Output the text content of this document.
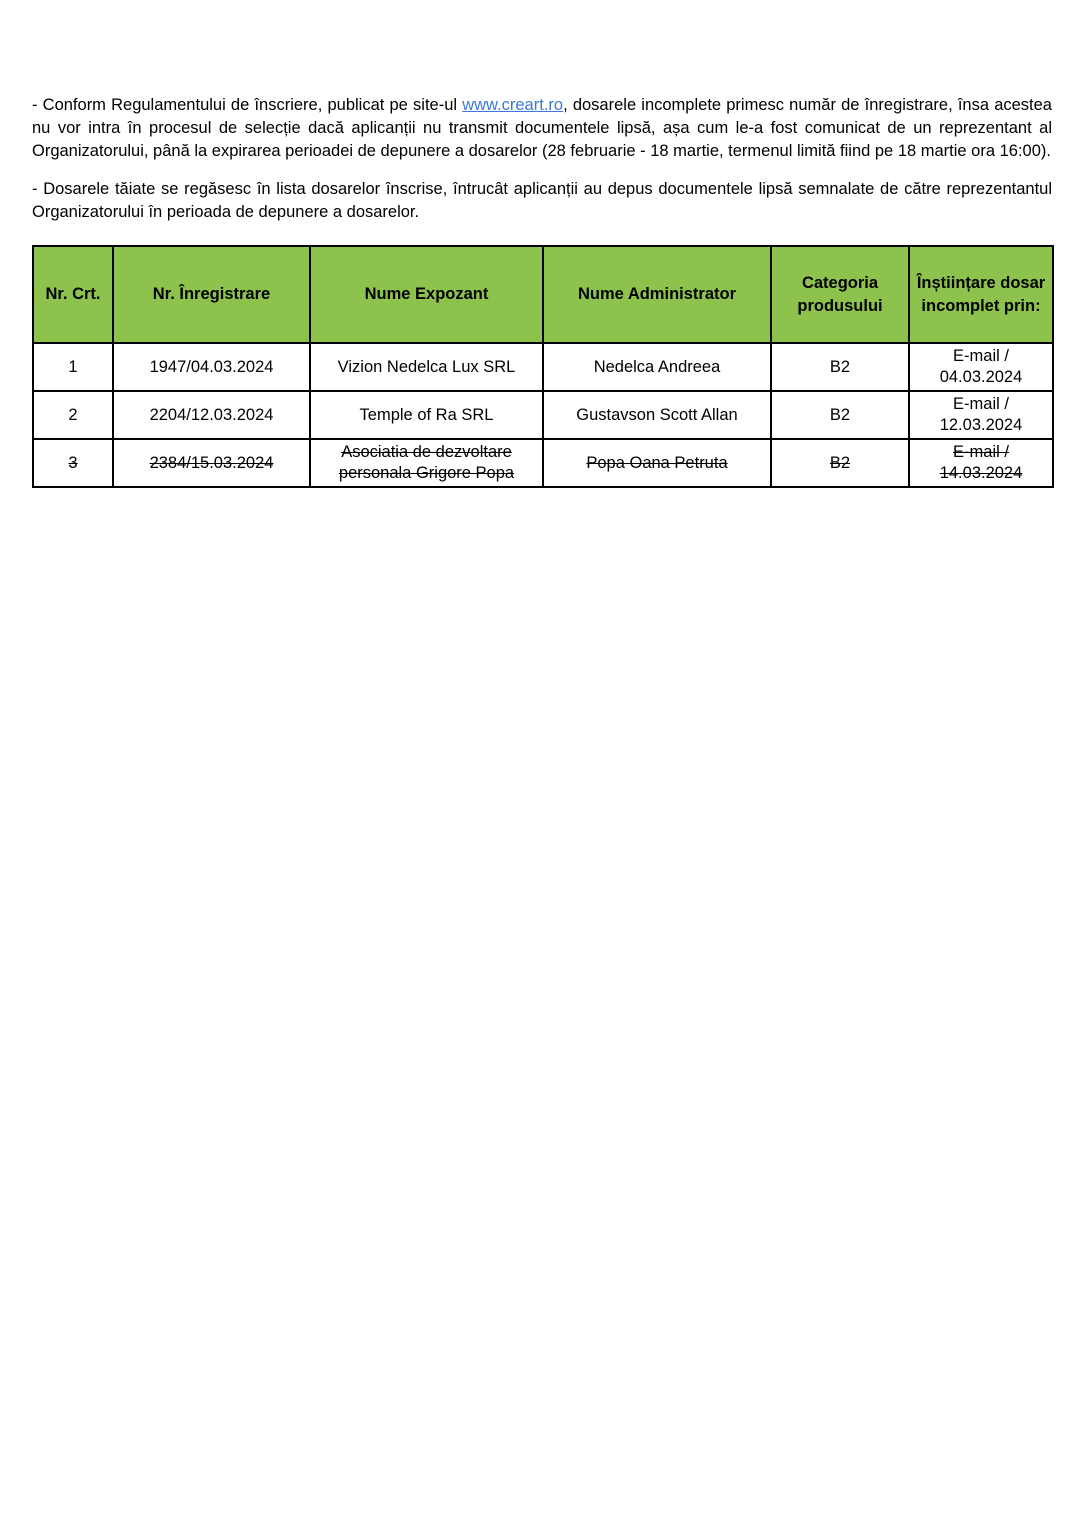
- Conform Regulamentului de înscriere, publicat pe site-ul www.creart.ro, dosarele incomplete primesc număr de înregistrare, însa acestea nu vor intra în procesul de selecție dacă aplicanții nu transmit documentele lipsă, așa cum le-a fost comunicat de un reprezentant al Organizatorului, până la expirarea perioadei de depunere a dosarelor (28 februarie - 18 martie, termenul limită fiind pe 18 martie ora 16:00).

- Dosarele tăiate se regăsesc în lista dosarelor înscrise, întrucât aplicanții au depus documentele lipsă semnalate de către reprezentantul Organizatorului în perioada de depunere a dosarelor.

Nr. Crt.	Nr. Înregistrare	Nume Expozant	Nume Administrator	Categoria produsului	Înștiințare dosar incomplet prin:
1	1947/04.03.2024	Vizion Nedelca Lux SRL	Nedelca Andreea	B2	E-mail / 04.03.2024
2	2204/12.03.2024	Temple of Ra SRL	Gustavson Scott Allan	B2	E-mail / 12.03.2024
3	2384/15.03.2024	Asociatia de dezvoltare personala Grigore Popa	Popa Oana Petruta	B2	E-mail / 14.03.2024
